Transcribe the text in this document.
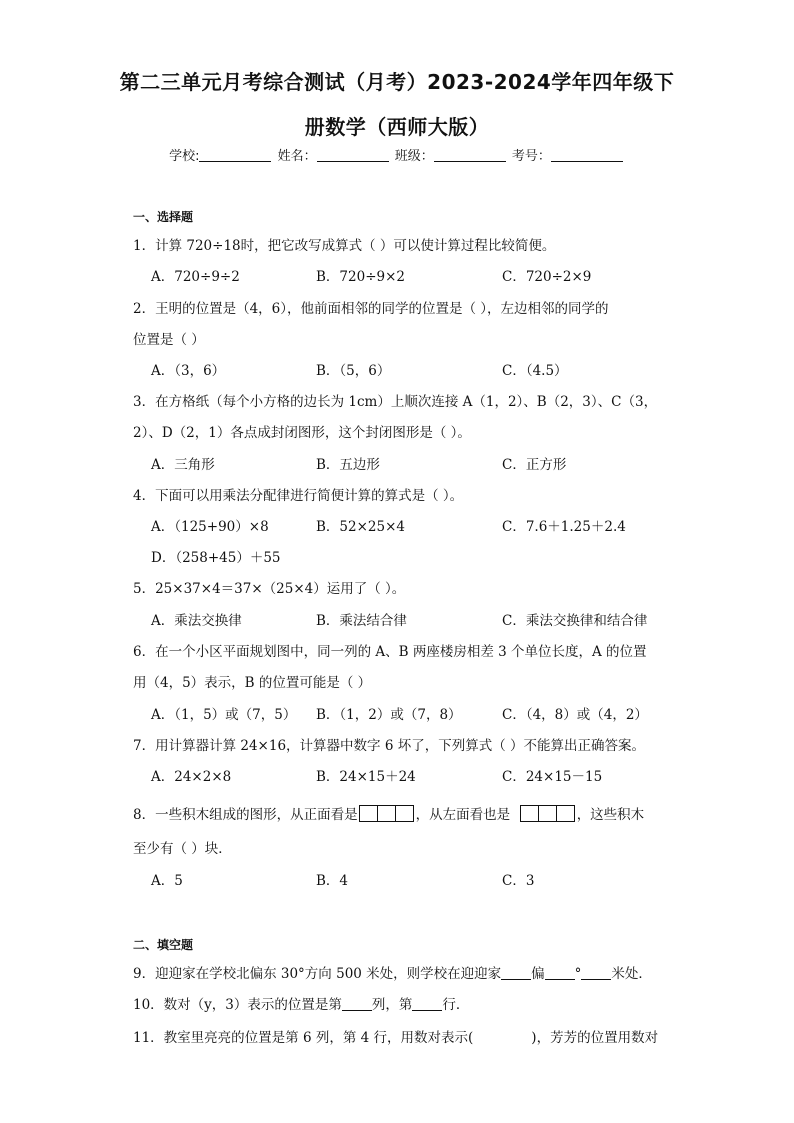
第二三单元月考综合测试（月考）2023-2024学年四年级下
册数学（西师大版）
学校:	姓名：	班级：	考号：
一、选择题
1．计算 720÷18时，把它改写成算式（ ）可以使计算过程比较简便。
A．720÷9÷2	B．720÷9×2	C．720÷2×9
2．王明的位置是（4，6），他前面相邻的同学的位置是（ ），左边相邻的同学的
位置是（ ）
A．（3，6）	B．（5，6）	C．（4.5）
3．在方格纸（每个小方格的边长为 1cm）上顺次连接 A（1，2）、B（2，3）、C（3，
2）、D（2，1）各点成封闭图形，这个封闭图形是（ ）。
A．三角形	B．五边形	C．正方形
4．下面可以用乘法分配律进行简便计算的算式是（ ）。
A．（125+90）×8	B．52×25×4	C．7.6＋1.25＋2.4
D．（258+45）＋55
5．25×37×4＝37×（25×4）运用了（ ）。
A．乘法交换律	B．乘法结合律	C．乘法交换律和结合律
6．在一个小区平面规划图中，同一列的 A、B 两座楼房相差 3 个单位长度，A 的位置
用（4，5）表示，B 的位置可能是（ ）
A．（1，5）或（7，5） B．（1，2）或（7，8）	C．（4，8）或（4，2）
7．用计算器计算 24×16，计算器中数字 6 坏了，下列算式（ ）不能算出正确答案。
A．24×2×8	B．24×15＋24	C．24×15－15
8．一些积木组成的图形，从正面看是	，从左面看也是	，这些积木
至少有（ ）块．
A．5	B．4	C．3
二、填空题
9．迎迎家在学校北偏东 30°方向 500 米处，则学校在迎迎家 偏 ° 米处．
10．数对（y，3）表示的位置是第 列，第 行．
11．教室里亮亮的位置是第 6 列，第 4 行，用数对表示(	)，芳芳的位置用数对
